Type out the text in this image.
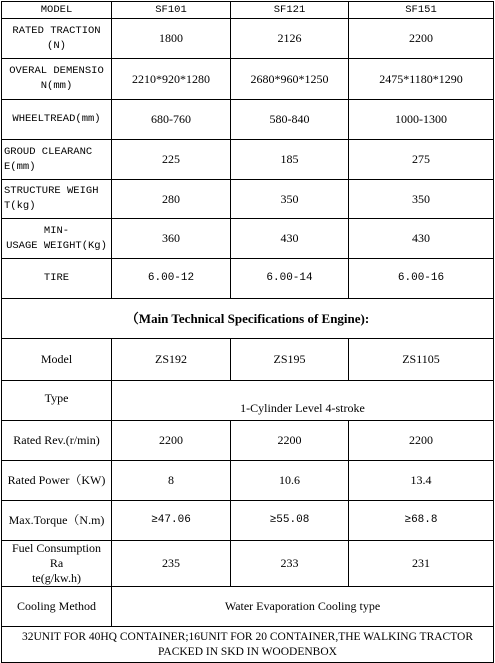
MODEL	SF101	SF121	SF151
RATED TRACTION
(N)	1800	2126	2200
OVERAL DEMENSIO
N(mm)	2210*920*1280	2680*960*1250	2475*1180*1290
WHEELTREAD(mm)	680-760	580-840	1000-1300
GROUD CLEARANC
E(mm)	225	185	275
STRUCTURE WEIGH
T(kg)	280	350	350
MIN-
USAGE WEIGHT(Kg)	360	430	430
TIRE	6.00-12	6.00-14	6.00-16
（Main Technical Specifications of Engine):			
Model	ZS192	ZS195	ZS1105
Type	1-Cylinder Level 4-stroke		
Rated Rev.(r/min)	2200	2200	2200
Rated Power（KW)	8	10.6	13.4
Max.Torque（N.m)	≥47.06	≥55.08	≥68.8
Fuel Consumption Ra
te(g/kw.h)	235	233	231
Cooling Method	Water Evaporation Cooling type		

32UNIT FOR 40HQ CONTAINER;16UNIT FOR 20 CONTAINER,THE WALKING TRACTOR
PACKED IN SKD IN WOODENBOX			
